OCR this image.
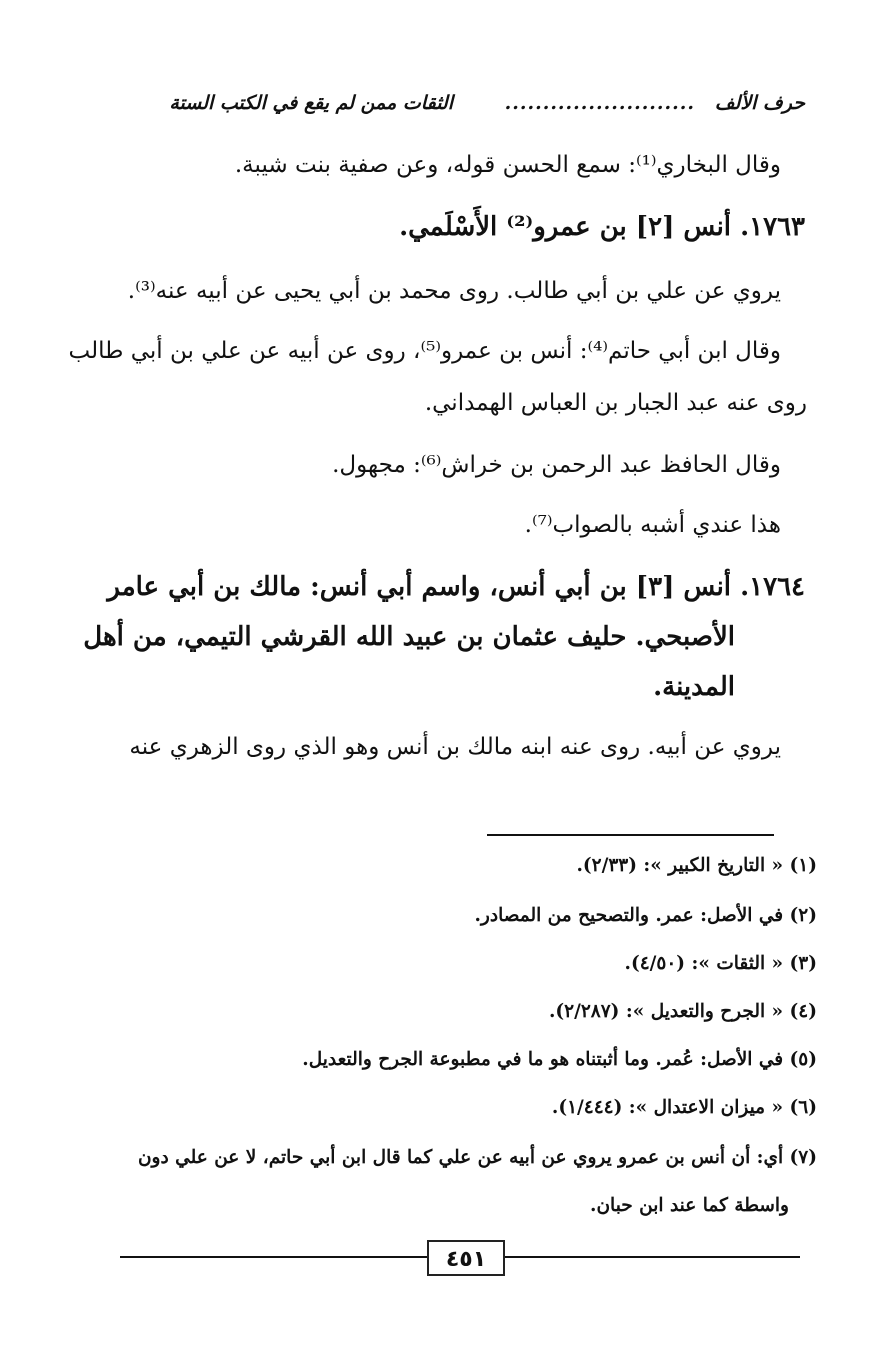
حرف الألف
.........................
الثقات ممن لم يقع في الكتب الستة
وقال البخاري⁽¹⁾: سمع الحسن قوله، وعن صفية بنت شيبة.
١٧٦٣. أنس [٢] بن عمرو⁽²⁾ الأَسْلَمي.
يروي عن علي بن أبي طالب. روى محمد بن أبي يحيى عن أبيه عنه⁽³⁾.
وقال ابن أبي حاتم⁽⁴⁾: أنس بن عمرو⁽⁵⁾، روى عن أبيه عن علي بن أبي طالب
روى عنه عبد الجبار بن العباس الهمداني.
وقال الحافظ عبد الرحمن بن خراش⁽⁶⁾: مجهول.
هذا عندي أشبه بالصواب⁽⁷⁾.
١٧٦٤. أنس [٣] بن أبي أنس، واسم أبي أنس: مالك بن أبي عامر
الأصبحي. حليف عثمان بن عبيد الله القرشي التيمي، من أهل
المدينة.
يروي عن أبيه. روى عنه ابنه مالك بن أنس وهو الذي روى الزهري عنه
(١) « التاريخ الكبير »: (٢/٣٣).
(٢) في الأصل: عمر. والتصحيح من المصادر.
(٣) « الثقات »: (٤/٥٠).
(٤) « الجرح والتعديل »: (٢/٢٨٧).
(٥) في الأصل: عُمر. وما أثبتناه هو ما في مطبوعة الجرح والتعديل.
(٦) « ميزان الاعتدال »: (١/٤٤٤).
(٧) أي: أن أنس بن عمرو يروي عن أبيه عن علي كما قال ابن أبي حاتم، لا عن علي دون
واسطة كما عند ابن حبان.
٤٥١
